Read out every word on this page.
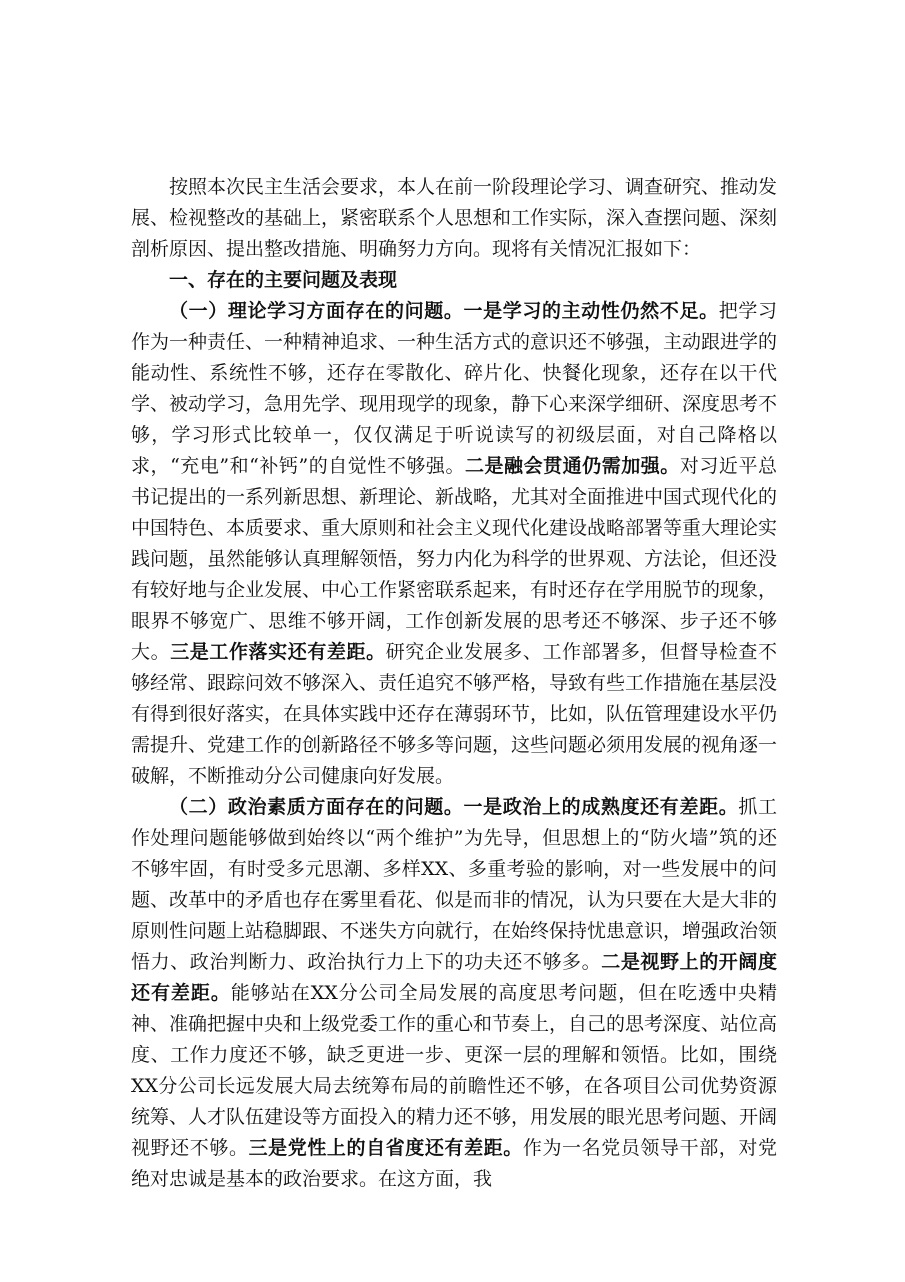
按照本次民主生活会要求，本人在前一阶段理论学习、调查研究、推动发展、检视整改的基础上，紧密联系个人思想和工作实际，深入查摆问题、深刻剖析原因、提出整改措施、明确努力方向。现将有关情况汇报如下：

一、存在的主要问题及表现

（一）理论学习方面存在的问题。一是学习的主动性仍然不足。把学习作为一种责任、一种精神追求、一种生活方式的意识还不够强，主动跟进学的能动性、系统性不够，还存在零散化、碎片化、快餐化现象，还存在以干代学、被动学习，急用先学、现用现学的现象，静下心来深学细研、深度思考不够，学习形式比较单一，仅仅满足于听说读写的初级层面，对自己降格以求，“充电”和“补钙”的自觉性不够强。二是融会贯通仍需加强。对习近平总书记提出的一系列新思想、新理论、新战略，尤其对全面推进中国式现代化的中国特色、本质要求、重大原则和社会主义现代化建设战略部署等重大理论实践问题，虽然能够认真理解领悟，努力内化为科学的世界观、方法论，但还没有较好地与企业发展、中心工作紧密联系起来，有时还存在学用脱节的现象，眼界不够宽广、思维不够开阔，工作创新发展的思考还不够深、步子还不够大。三是工作落实还有差距。研究企业发展多、工作部署多，但督导检查不够经常、跟踪问效不够深入、责任追究不够严格，导致有些工作措施在基层没有得到很好落实，在具体实践中还存在薄弱环节，比如，队伍管理建设水平仍需提升、党建工作的创新路径不够多等问题，这些问题必须用发展的视角逐一破解，不断推动分公司健康向好发展。

（二）政治素质方面存在的问题。一是政治上的成熟度还有差距。抓工作处理问题能够做到始终以“两个维护”为先导，但思想上的“防火墙”筑的还不够牢固，有时受多元思潮、多样XX、多重考验的影响，对一些发展中的问题、改革中的矛盾也存在雾里看花、似是而非的情况，认为只要在大是大非的原则性问题上站稳脚跟、不迷失方向就行，在始终保持忧患意识，增强政治领悟力、政治判断力、政治执行力上下的功夫还不够多。二是视野上的开阔度还有差距。能够站在XX分公司全局发展的高度思考问题，但在吃透中央精神、准确把握中央和上级党委工作的重心和节奏上，自己的思考深度、站位高度、工作力度还不够，缺乏更进一步、更深一层的理解和领悟。比如，围绕XX分公司长远发展大局去统筹布局的前瞻性还不够，在各项目公司优势资源统筹、人才队伍建设等方面投入的精力还不够，用发展的眼光思考问题、开阔视野还不够。三是党性上的自省度还有差距。作为一名党员领导干部，对党绝对忠诚是基本的政治要求。在这方面，我
